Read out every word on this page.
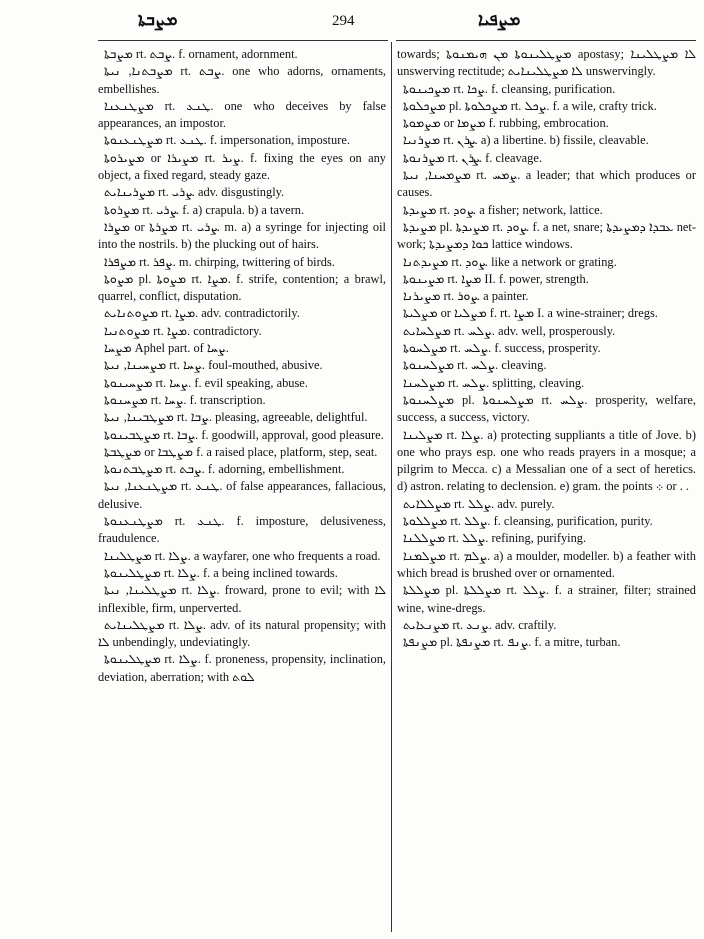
ܡܨܒܬܐ	294	ܡܨܦܝܐ
ܡܨܒܬܐ rt. ܨܒܬ. f. ornament, adornment.
ܡܨܒܬܢܐ, ܢܝܬܐ rt. ܨܒܬ. one who adorns, ornaments, embellishes.
ܡܨܛܢܥܢܐ rt. ܛܢܥ. one who deceives by false appearances, an impostor.
ܡܨܛܢܥܢܘܬܐ rt. ܛܢܥ. f. impersonation, imposture.
ܡܨܝܪܘܬܐ or ܡܨܝܪܐ rt. ܨܝܪ. f. fixing the eyes on any object, a fixed regard, steady gaze.
ܡܨܪܝܢܐܝܬ rt. ܨܪܝ. adv. disgustingly.
ܡܨܪܘܬܐ rt. ܨܪܝ. f. a) crapula. b) a tavern.
ܡܨܪܐ or ܡܨܪܬܐ rt. ܨܪܝ. m. a) a syringe for injecting oil into the nostrils. b) the plucking out of hairs.
ܡܨܦܪܐ rt. ܨܦܪ. m. chirping, twittering of birds.
ܡܨܘܬܐ pl. ܡܨܘܬܐ rt. ܡܨܐ. f. strife, contention; a brawl, quarrel, conflict, disputation.
ܡܨܘܬܢܐܝܬ rt. ܡܨܐ. adv. contradictorily.
ܡܨܘܬܢܝܐ rt. ܡܨܐ. contradictory.
ܡܨܚܐ Aphel part. of ܨܚܐ.
ܡܨܚܝܢܐ, ܢܝܬܐ rt. ܨܚܐ. foul-mouthed, abusive.
ܡܨܚܝܢܘܬܐ rt. ܨܚܐ. f. evil speaking, abuse.
ܡܨܚܢܘܬܐ rt. ܨܚܐ. f. transcription.
ܡܨܛܒܝܢܐ, ܢܝܬܐ rt. ܨܒܐ. pleasing, agreeable, delightful.
ܡܨܛܒܝܢܘܬܐ rt. ܨܒܐ. f. goodwill, approval, good pleasure.
ܡܨܛܒܬܐ or ܡܨܛܒܐ f. a raised place, platform, step, seat.
ܡܨܛܒܬܢܘܬܐ rt. ܨܒܬ. f. adorning, embellishment.
ܡܨܛܢܥܢܐ, ܢܝܬܐ rt. ܛܢܥ. of false appearances, fallacious, delusive.
ܡܨܛܢܥܢܘܬܐ rt. ܛܢܥ. f. imposture, delusiveness, fraudulence.
ܡܨܛܠܝܢܐ rt. ܨܠܐ. a wayfarer, one who frequents a road.
ܡܨܛܠܝܢܘܬܐ rt. ܨܠܐ. f. a being inclined towards.
ܡܨܛܠܝܢܐ, ܢܝܬܐ rt. ܨܠܐ. froward, prone to evil; with ܠܐ inflexible, firm, unperverted.
ܡܨܛܠܝܢܐܝܬ rt. ܨܠܐ. adv. of its natural propensity; with ܠܐ unbendingly, undeviatingly.
ܡܨܛܠܝܢܘܬܐ rt. ܨܠܐ. f. proneness, propensity, inclination, deviation, aberration; with ܠܘܬ
towards; ܡܨܛܠܝܢܘܬܐ ܡܢ ܗܝܡܢܘܬܐ apostasy; ܠܐ ܡܨܛܠܝܢܐ unswerving rectitude; ܠܐ ܡܨܛܠܝܢܐܝܬ unswervingly.
ܡܨܟܝܢܘܬܐ rt. ܨܟܐ. f. cleansing, purification.
ܡܨܟܠܘܬܐ pl. ܡܨܟܠܘܬܐ rt. ܨܟܠ. f. a wile, crafty trick.
ܡܨܡܘܬܐ or ܡܨܡܐ f. rubbing, embrocation.
ܡܨܪܢܝܐ rt. ܨܪܢ. a) a libertine. b) fissile, cleavable.
ܡܨܪܢܘܬܐ rt. ܨܪܢ. f. cleavage.
ܡܨܡܚܢܐ, ܢܝܬܐ rt. ܨܡܚ. a leader; that which produces or causes.
ܡܨܝܕܬܐ rt. ܨܘܕ. a fisher; network, lattice.
ܡܨܝܕܬܐ pl. ܡܨܝܕܬܐ rt. ܨܘܕ. f. a net, snare; ܥܒܕܐ ܕܡܨܝܕܬܐ net-work; ܟܘܐ ܕܡܨܝܕܬܐ lattice windows.
ܡܨܝܕܬܢܐ rt. ܨܘܕ. like a network or grating.
ܡܨܝܢܘܬܐ rt. ܡܨܐ II. f. power, strength.
ܡܨܝܪܢܐ rt. ܨܘܪ. a painter.
ܡܨܠܝܬܐ or ܡܨܠܝܐ f. rt. ܡܨܐ I. a wine-strainer; dregs.
ܡܨܠܚܐܝܬ rt. ܨܠܚ. adv. well, prosperously.
ܡܨܠܚܘܬܐ rt. ܨܠܚ. f. success, prosperity.
ܡܨܠܚܢܘܬܐ rt. ܨܠܚ. cleaving.
ܡܨܠܚܢܐ rt. ܨܠܚ. splitting, cleaving.
ܡܨܠܚܢܘܬܐ pl. ܡܨܠܚܢܘܬܐ rt. ܨܠܚ. prosperity, welfare, success, a success, victory.
ܡܨܠܝܢܐ rt. ܨܠܐ. a) protecting suppliants a title of Jove. b) one who prays esp. one who reads prayers in a mosque; a pilgrim to Mecca. c) a Messalian one of a sect of heretics. d) astron. relating to declension. e) gram. the points ܀ or . .
ܡܨܠܠܐܝܬ rt. ܨܠܠ. adv. purely.
ܡܨܠܠܘܬܐ rt. ܨܠܠ. f. cleansing, purification, purity.
ܡܨܠܠܢܐ rt. ܨܠܠ. refining, purifying.
ܡܨܠܡܢܐ rt. ܨܠܡ. a) a moulder, modeller. b) a feather with which bread is brushed over or ornamented.
ܡܨܠܠܬܐ pl. ܡܨܠܠܬܐ rt. ܨܠܠ. f. a strainer, filter; strained wine, wine-dregs.
ܡܨܢܥܐܝܬ rt. ܨܢܥ. adv. craftily.
ܡܨܢܦܬܐ pl. ܡܨܢܦܬܐ rt. ܨܢܦ. f. a mitre, turban.
